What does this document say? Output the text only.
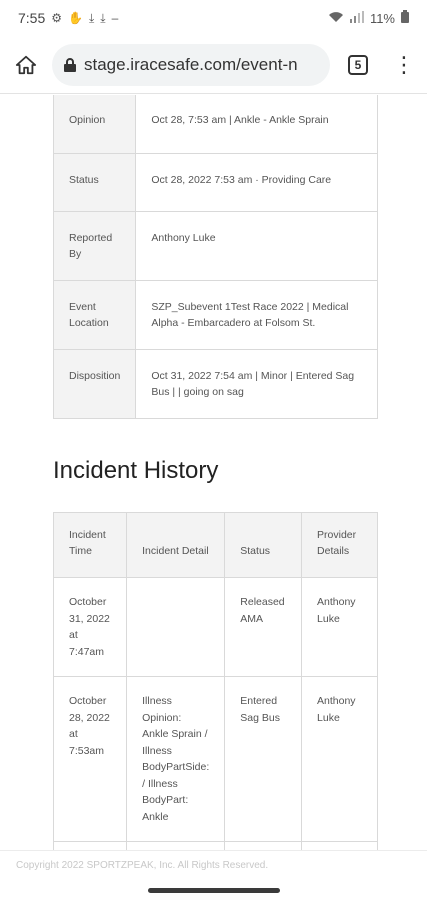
7:55 ⚙ ✋ ⤓ ⤓ –	11%
stage.iracesafe.com/event-n	5	⋮
Opinion	Oct 28, 7:53 am | Ankle - Ankle Sprain
Status	Oct 28, 2022 7:53 am · Providing Care
Reported By	Anthony Luke
Event Location	SZP_Subevent 1Test Race 2022 | Medical Alpha - Embarcadero at Folsom St.
Disposition	Oct 31, 2022 7:54 am | Minor | Entered Sag Bus | | going on sag
Incident History
Incident Time	Incident Detail	Status	Provider Details
October 31, 2022 at 7:47am		Released AMA	Anthony Luke
October 28, 2022 at 7:53am	Illness Opinion: Ankle Sprain / Illness BodyPartSide: / Illness BodyPart: Ankle	Entered Sag Bus	Anthony Luke

Copyright 2022 SPORTZPEAK, Inc. All Rights Reserved.
